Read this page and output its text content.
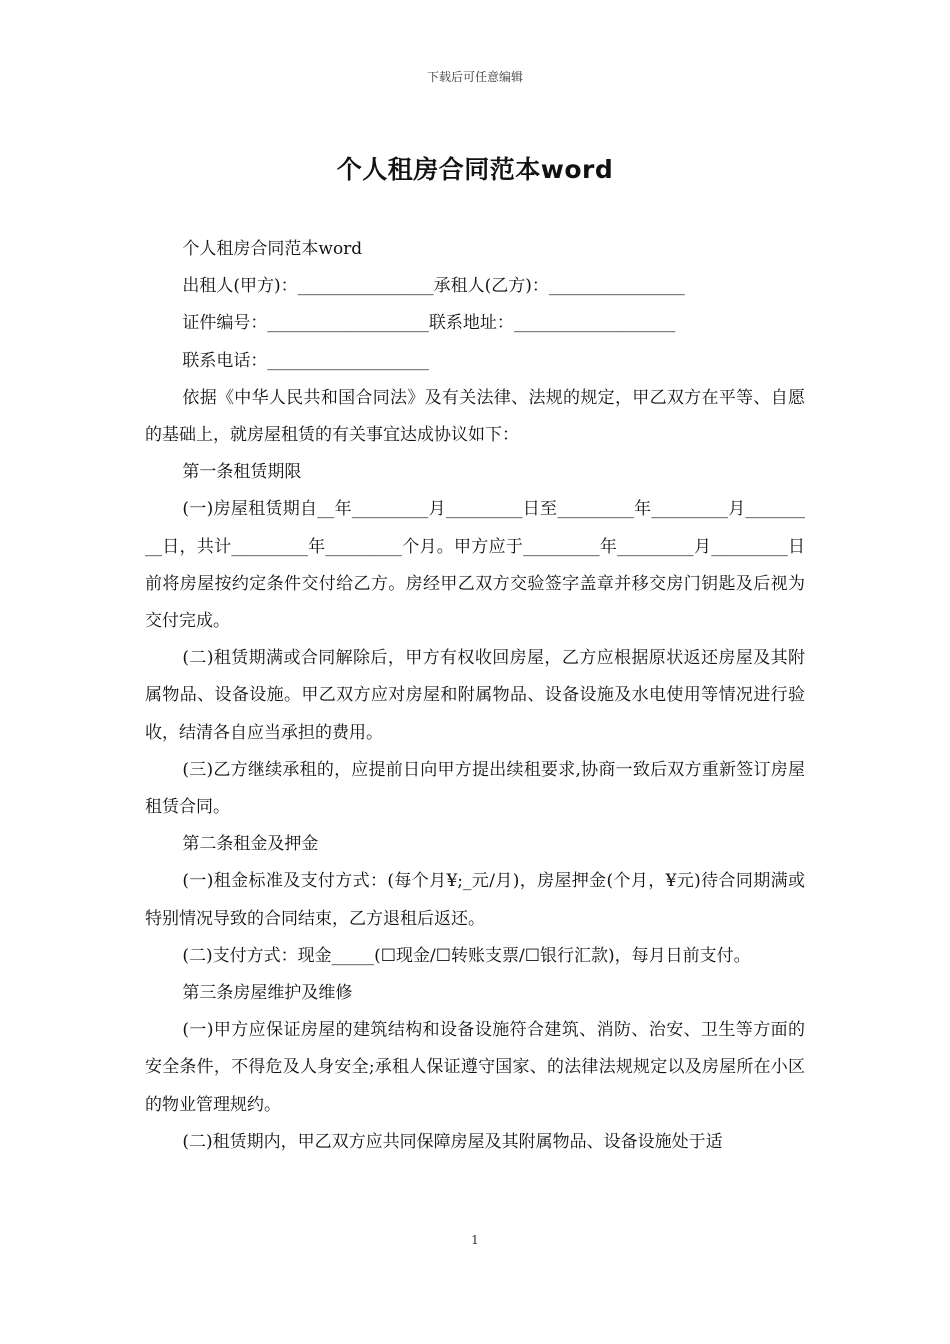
下载后可任意编辑
个人租房合同范本word

个人租房合同范本word

出租人(甲方)：________________承租人(乙方)：________________

证件编号：___________________联系地址：___________________

联系电话：___________________

依据《中华人民共和国合同法》及有关法律、法规的规定，甲乙双方在平等、自愿的基础上，就房屋租赁的有关事宜达成协议如下：

第一条租赁期限

(一)房屋租赁期自__年_________月_________日至_________年_________月_________日，共计_________年_________个月。甲方应于_________年_________月_________日前将房屋按约定条件交付给乙方。房经甲乙双方交验签字盖章并移交房门钥匙及后视为交付完成。

(二)租赁期满或合同解除后，甲方有权收回房屋，乙方应根据原状返还房屋及其附属物品、设备设施。甲乙双方应对房屋和附属物品、设备设施及水电使用等情况进行验收，结清各自应当承担的费用。

(三)乙方继续承租的，应提前日向甲方提出续租要求,协商一致后双方重新签订房屋租赁合同。

第二条租金及押金

(一)租金标准及支付方式：(每个月¥;_元/月)，房屋押金(个月，¥元)待合同期满或特别情况导致的合同结束，乙方退租后返还。

(二)支付方式：现金_____(☐现金/☐转账支票/☐银行汇款)，每月日前支付。

第三条房屋维护及维修

(一)甲方应保证房屋的建筑结构和设备设施符合建筑、消防、治安、卫生等方面的安全条件，不得危及人身安全;承租人保证遵守国家、的法律法规规定以及房屋所在小区的物业管理规约。

(二)租赁期内，甲乙双方应共同保障房屋及其附属物品、设备设施处于适

1
